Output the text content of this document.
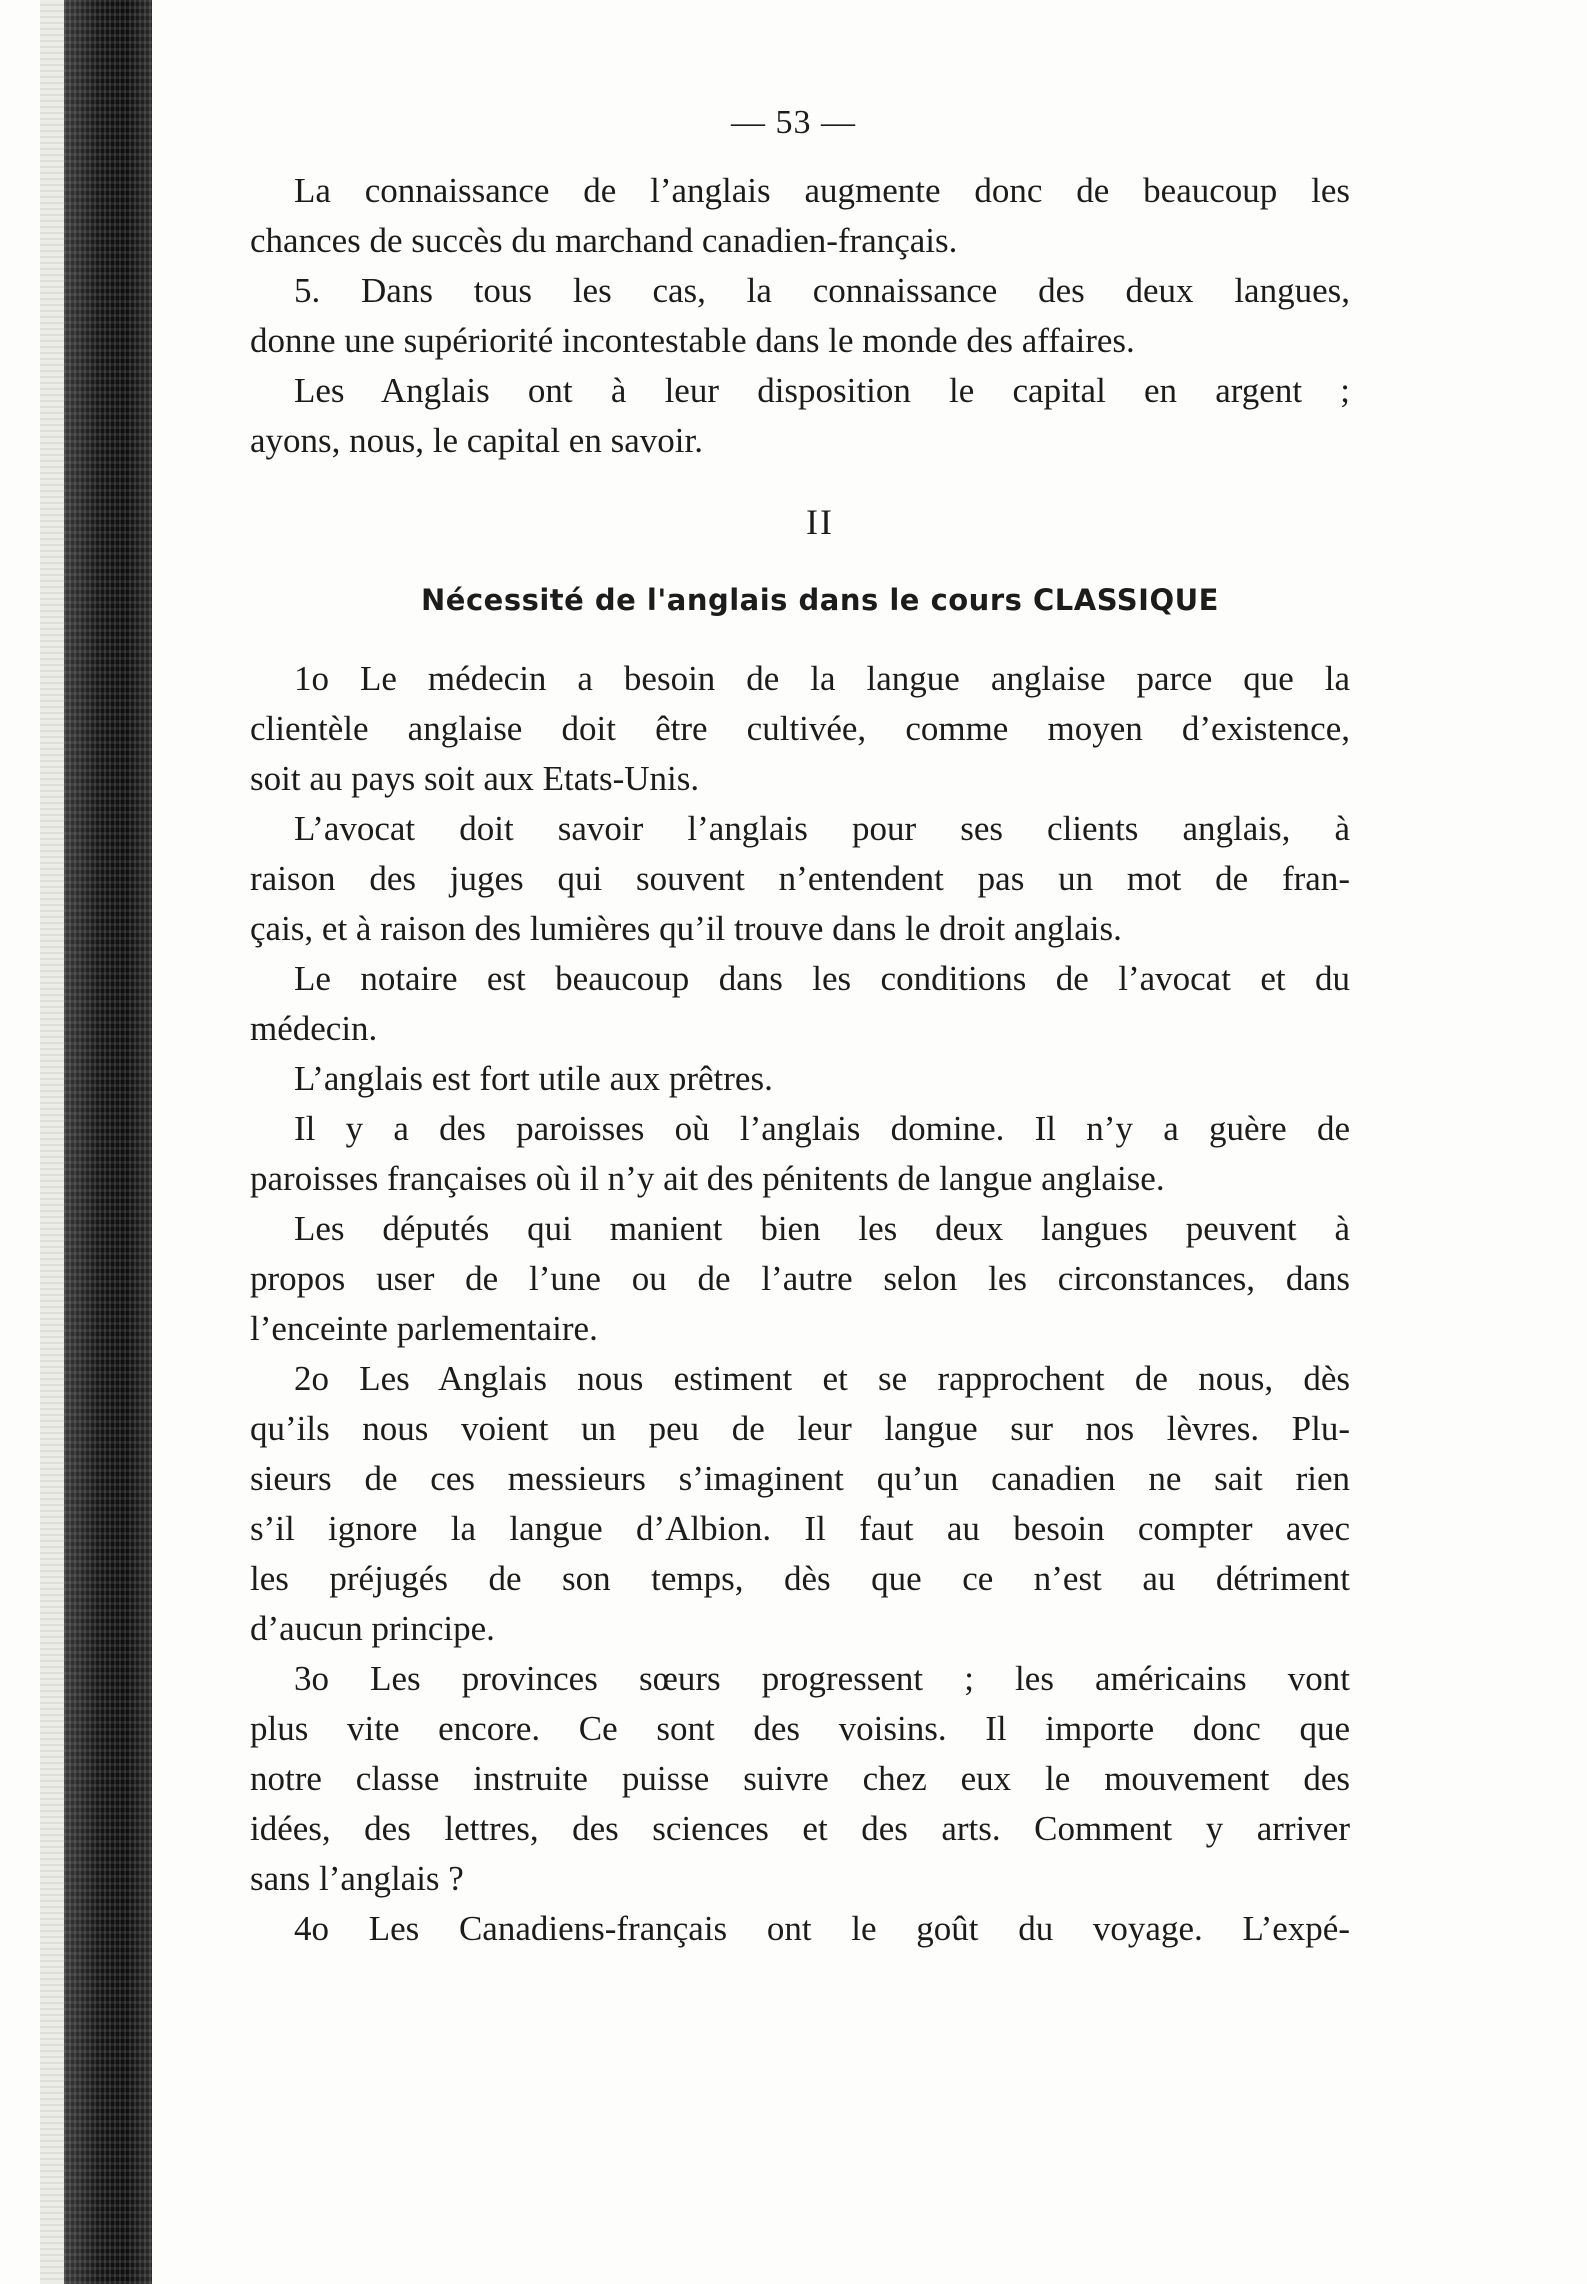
— 53 —
La connaissance de l’anglais augmente donc de beaucoup les
chances de succès du marchand canadien-français.
5. Dans tous les cas, la connaissance des deux langues,
donne une supériorité incontestable dans le monde des affaires.
Les Anglais ont à leur disposition le capital en argent ;
ayons, nous, le capital en savoir.
II
Nécessité de l'anglais dans le cours CLASSIQUE
1o Le médecin a besoin de la langue anglaise parce que la
clientèle anglaise doit être cultivée, comme moyen d’existence,
soit au pays soit aux Etats-Unis.
L’avocat doit savoir l’anglais pour ses clients anglais, à
raison des juges qui souvent n’entendent pas un mot de fran-
çais, et à raison des lumières qu’il trouve dans le droit anglais.
Le notaire est beaucoup dans les conditions de l’avocat et du
médecin.
L’anglais est fort utile aux prêtres.
Il y a des paroisses où l’anglais domine. Il n’y a guère de
paroisses françaises où il n’y ait des pénitents de langue anglaise.
Les députés qui manient bien les deux langues peuvent à
propos user de l’une ou de l’autre selon les circonstances, dans
l’enceinte parlementaire.
2o Les Anglais nous estiment et se rapprochent de nous, dès
qu’ils nous voient un peu de leur langue sur nos lèvres. Plu-
sieurs de ces messieurs s’imaginent qu’un canadien ne sait rien
s’il ignore la langue d’Albion. Il faut au besoin compter avec
les préjugés de son temps, dès que ce n’est au détriment
d’aucun principe.
3o Les provinces sœurs progressent ; les américains vont
plus vite encore. Ce sont des voisins. Il importe donc que
notre classe instruite puisse suivre chez eux le mouvement des
idées, des lettres, des sciences et des arts. Comment y arriver
sans l’anglais ?
4o Les Canadiens-français ont le goût du voyage. L’expé-
